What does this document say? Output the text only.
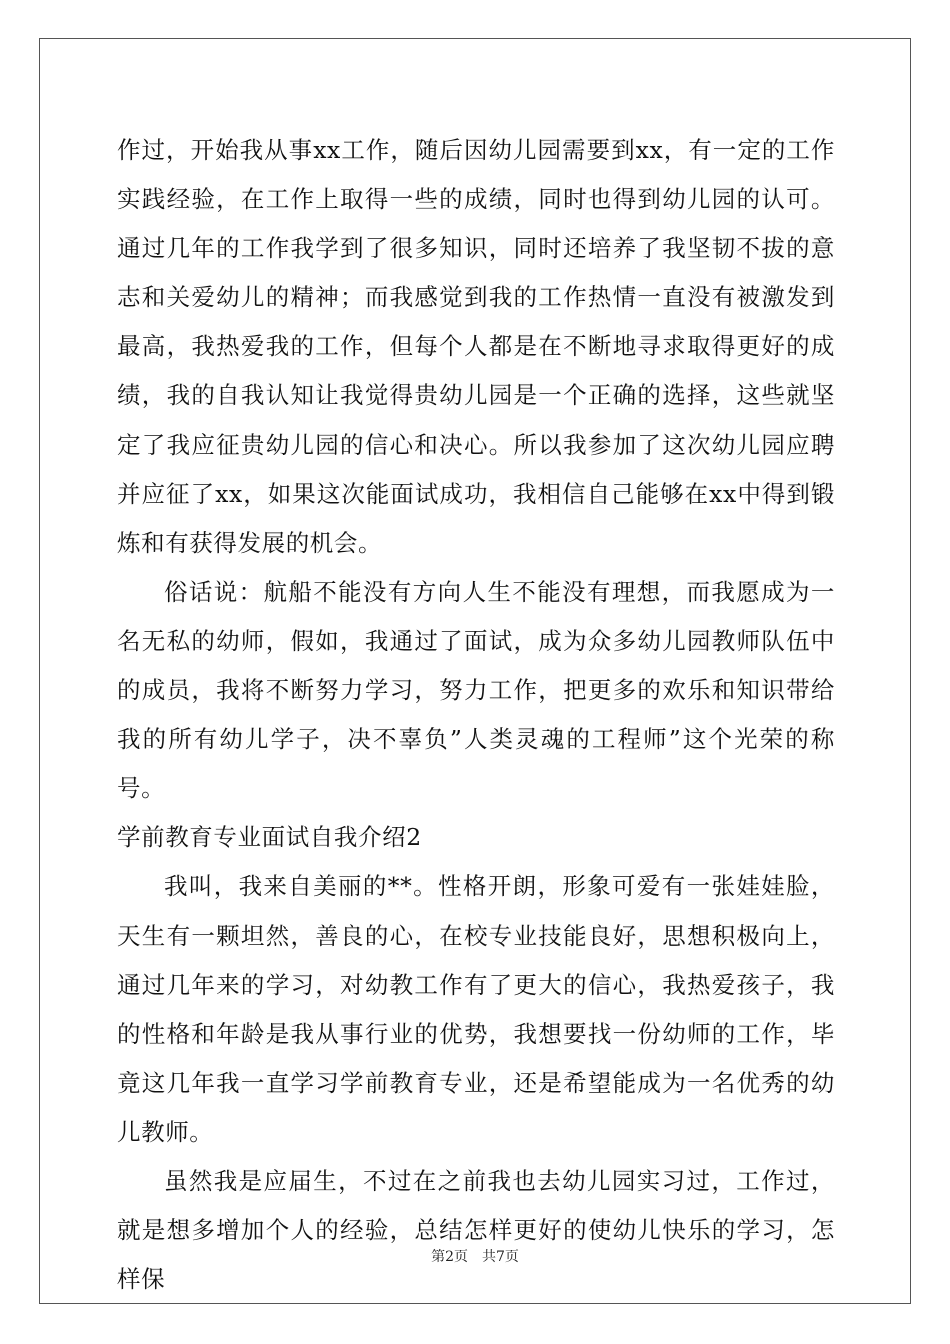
作过，开始我从事xx工作，随后因幼儿园需要到xx，有一定的工作实践经验，在工作上取得一些的成绩，同时也得到幼儿园的认可。通过几年的工作我学到了很多知识，同时还培养了我坚韧不拔的意志和关爱幼儿的精神；而我感觉到我的工作热情一直没有被激发到最高，我热爱我的工作，但每个人都是在不断地寻求取得更好的成绩，我的自我认知让我觉得贵幼儿园是一个正确的选择，这些就坚定了我应征贵幼儿园的信心和决心。所以我参加了这次幼儿园应聘并应征了xx，如果这次能面试成功，我相信自己能够在xx中得到锻炼和有获得发展的机会。

俗话说：航船不能没有方向人生不能没有理想，而我愿成为一名无私的幼师，假如，我通过了面试，成为众多幼儿园教师队伍中的成员，我将不断努力学习，努力工作，把更多的欢乐和知识带给我的所有幼儿学子，决不辜负”人类灵魂的工程师”这个光荣的称号。

学前教育专业面试自我介绍2

我叫，我来自美丽的**。性格开朗，形象可爱有一张娃娃脸，天生有一颗坦然，善良的心，在校专业技能良好，思想积极向上，通过几年来的学习，对幼教工作有了更大的信心，我热爱孩子，我的性格和年龄是我从事行业的优势，我想要找一份幼师的工作，毕竟这几年我一直学习学前教育专业，还是希望能成为一名优秀的幼儿教师。

虽然我是应届生，不过在之前我也去幼儿园实习过，工作过，就是想多增加个人的经验，总结怎样更好的使幼儿快乐的学习，怎样保

第2页　共7页
